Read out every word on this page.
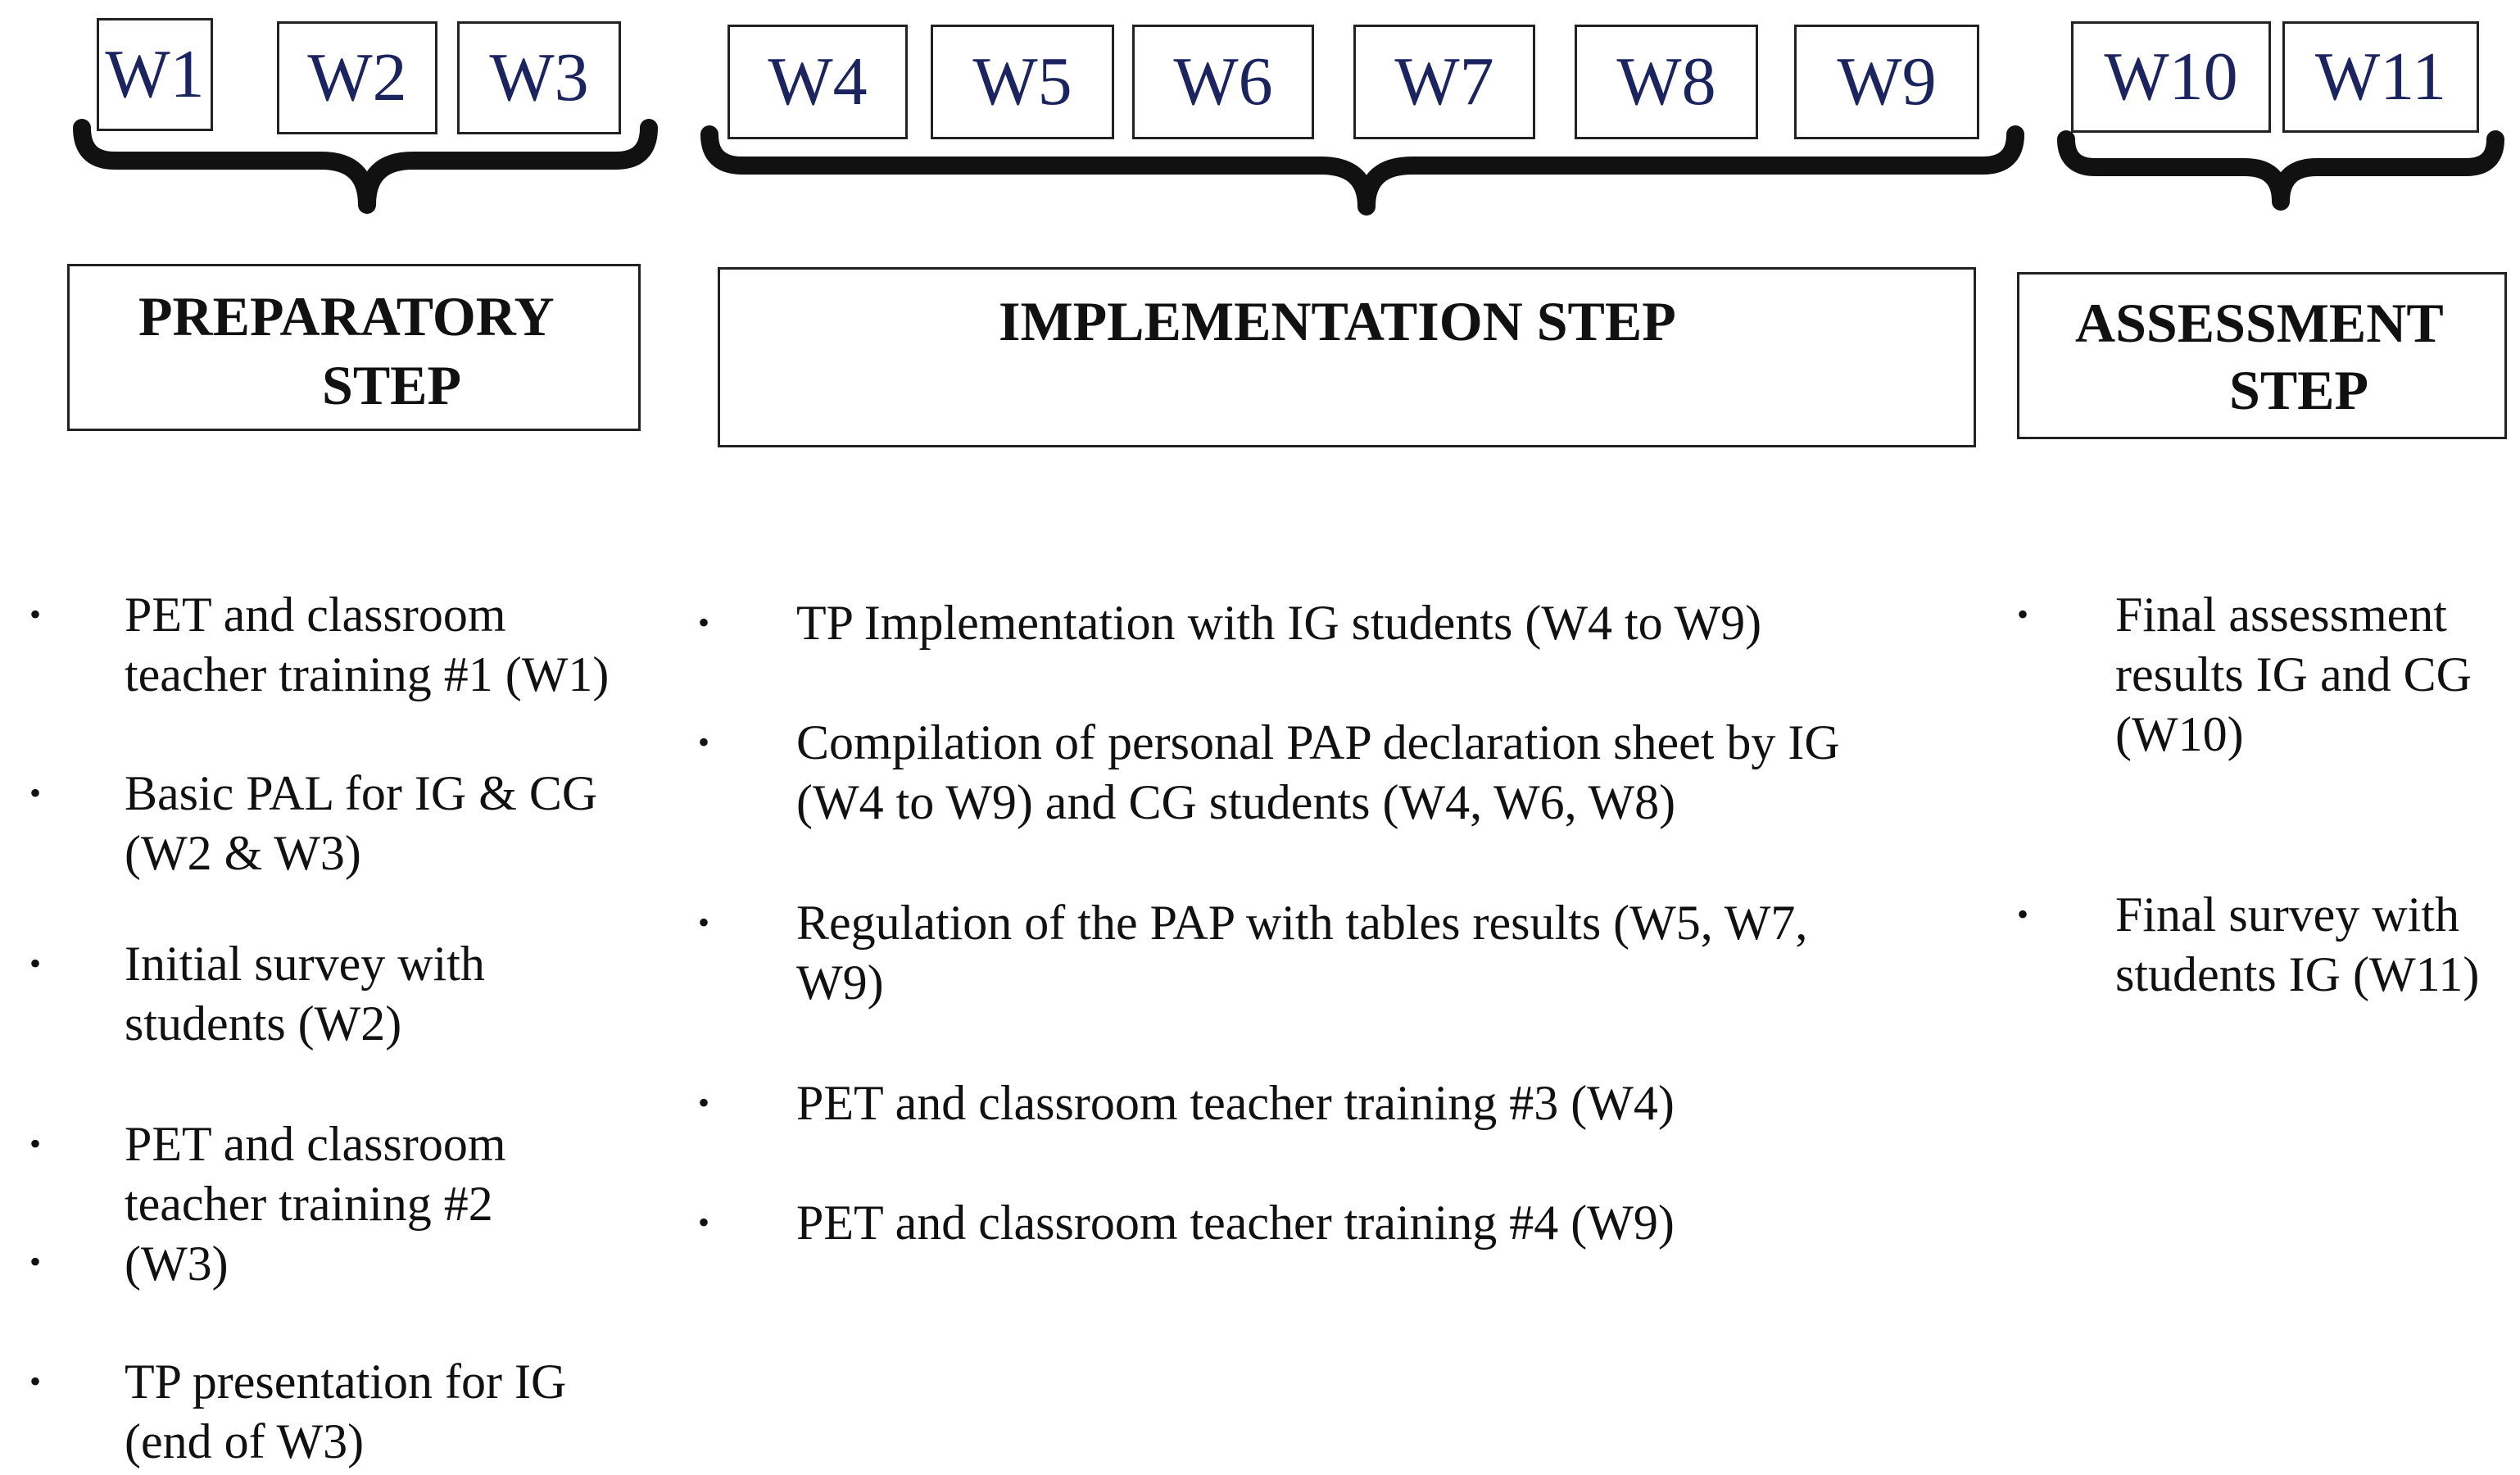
W1 W2 W3	W4 W5 W6 W7 W8 W9 W10 W11
PREPARATORY
STEP
IMPLEMENTATION STEP	ASSESSMENT
STEP
• PET and classroom
teacher training #1 (W1)
• Basic PAL for IG & CG
(W2 & W3)
• Initial survey with
students (W2)
•
•
PET and classroom
teacher training #2
(W3)
• TP presentation for IG
(end of W3)
• TP Implementation with IG students (W4 to W9)
• Compilation of personal PAP declaration sheet by IG
(W4 to W9) and CG students (W4, W6, W8)
• Regulation of the PAP with tables results (W5, W7,
W9)
• PET and classroom teacher training #3 (W4)
• PET and classroom teacher training #4 (W9)
• Final assessment
results IG and CG
(W10)
• Final survey with
students IG (W11)
